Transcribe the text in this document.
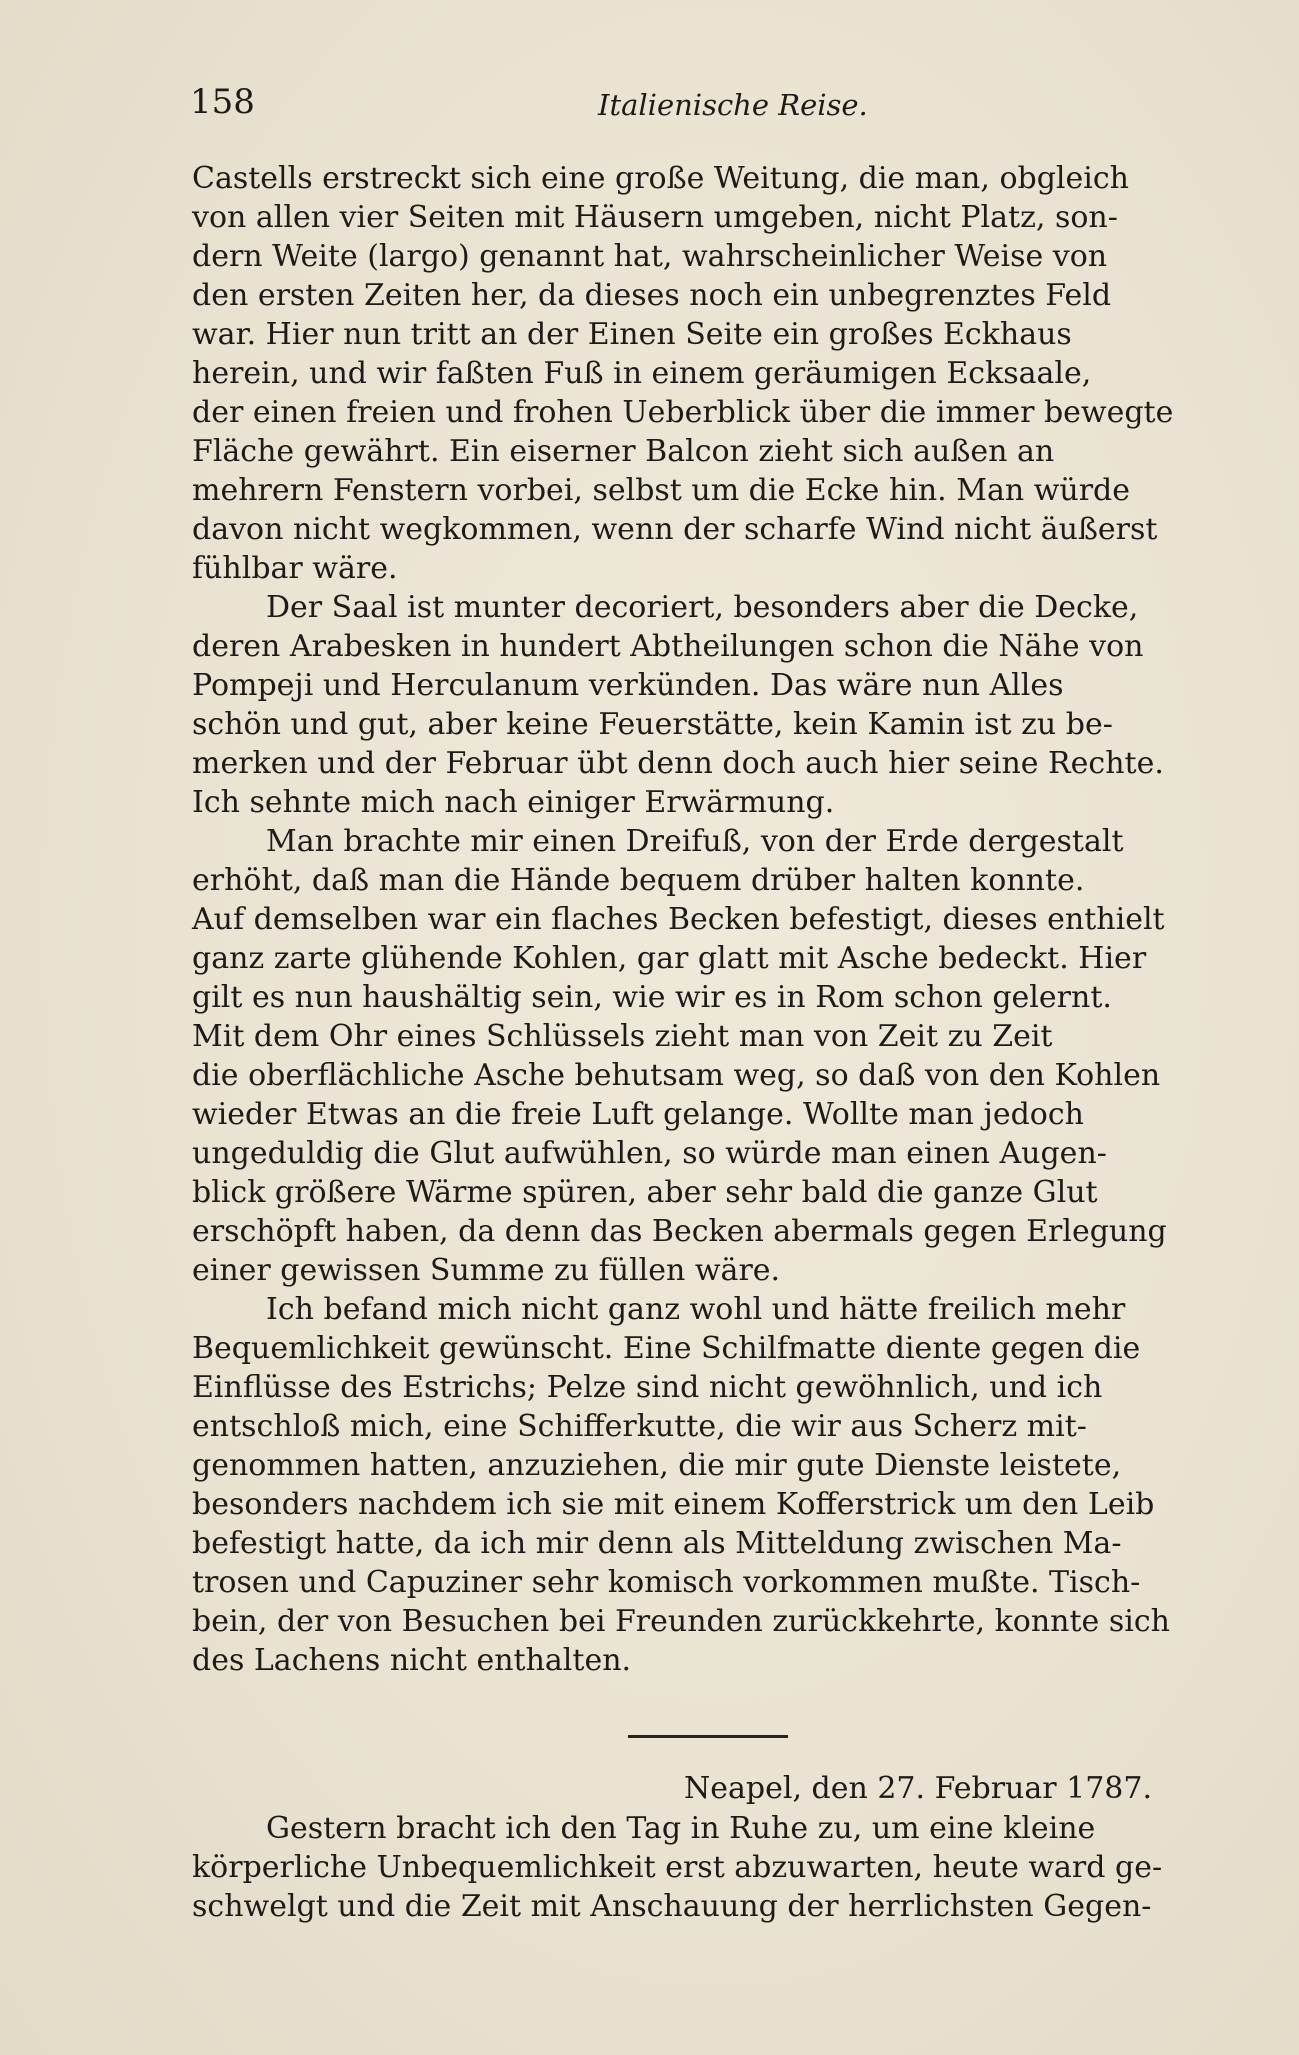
158	Italienische Reise.
Castells erstreckt sich eine große Weitung, die man, obgleich
von allen vier Seiten mit Häusern umgeben, nicht Platz, son-
dern Weite (largo) genannt hat, wahrscheinlicher Weise von
den ersten Zeiten her, da dieses noch ein unbegrenztes Feld
war. Hier nun tritt an der Einen Seite ein großes Eckhaus
herein, und wir faßten Fuß in einem geräumigen Ecksaale,
der einen freien und frohen Ueberblick über die immer bewegte
Fläche gewährt. Ein eiserner Balcon zieht sich außen an
mehrern Fenstern vorbei, selbst um die Ecke hin. Man würde
davon nicht wegkommen, wenn der scharfe Wind nicht äußerst
fühlbar wäre.
Der Saal ist munter decoriert, besonders aber die Decke,
deren Arabesken in hundert Abtheilungen schon die Nähe von
Pompeji und Herculanum verkünden. Das wäre nun Alles
schön und gut, aber keine Feuerstätte, kein Kamin ist zu be-
merken und der Februar übt denn doch auch hier seine Rechte.
Ich sehnte mich nach einiger Erwärmung.
Man brachte mir einen Dreifuß, von der Erde dergestalt
erhöht, daß man die Hände bequem drüber halten konnte.
Auf demselben war ein flaches Becken befestigt, dieses enthielt
ganz zarte glühende Kohlen, gar glatt mit Asche bedeckt. Hier
gilt es nun haushältig sein, wie wir es in Rom schon gelernt.
Mit dem Ohr eines Schlüssels zieht man von Zeit zu Zeit
die oberflächliche Asche behutsam weg, so daß von den Kohlen
wieder Etwas an die freie Luft gelange. Wollte man jedoch
ungeduldig die Glut aufwühlen, so würde man einen Augen-
blick größere Wärme spüren, aber sehr bald die ganze Glut
erschöpft haben, da denn das Becken abermals gegen Erlegung
einer gewissen Summe zu füllen wäre.
Ich befand mich nicht ganz wohl und hätte freilich mehr
Bequemlichkeit gewünscht. Eine Schilfmatte diente gegen die
Einflüsse des Estrichs; Pelze sind nicht gewöhnlich, und ich
entschloß mich, eine Schifferkutte, die wir aus Scherz mit-
genommen hatten, anzuziehen, die mir gute Dienste leistete,
besonders nachdem ich sie mit einem Kofferstrick um den Leib
befestigt hatte, da ich mir denn als Mitteldung zwischen Ma-
trosen und Capuziner sehr komisch vorkommen mußte. Tisch-
bein, der von Besuchen bei Freunden zurückkehrte, konnte sich
des Lachens nicht enthalten.
Neapel, den 27. Februar 1787.
Gestern bracht ich den Tag in Ruhe zu, um eine kleine
körperliche Unbequemlichkeit erst abzuwarten, heute ward ge-
schwelgt und die Zeit mit Anschauung der herrlichsten Gegen-
